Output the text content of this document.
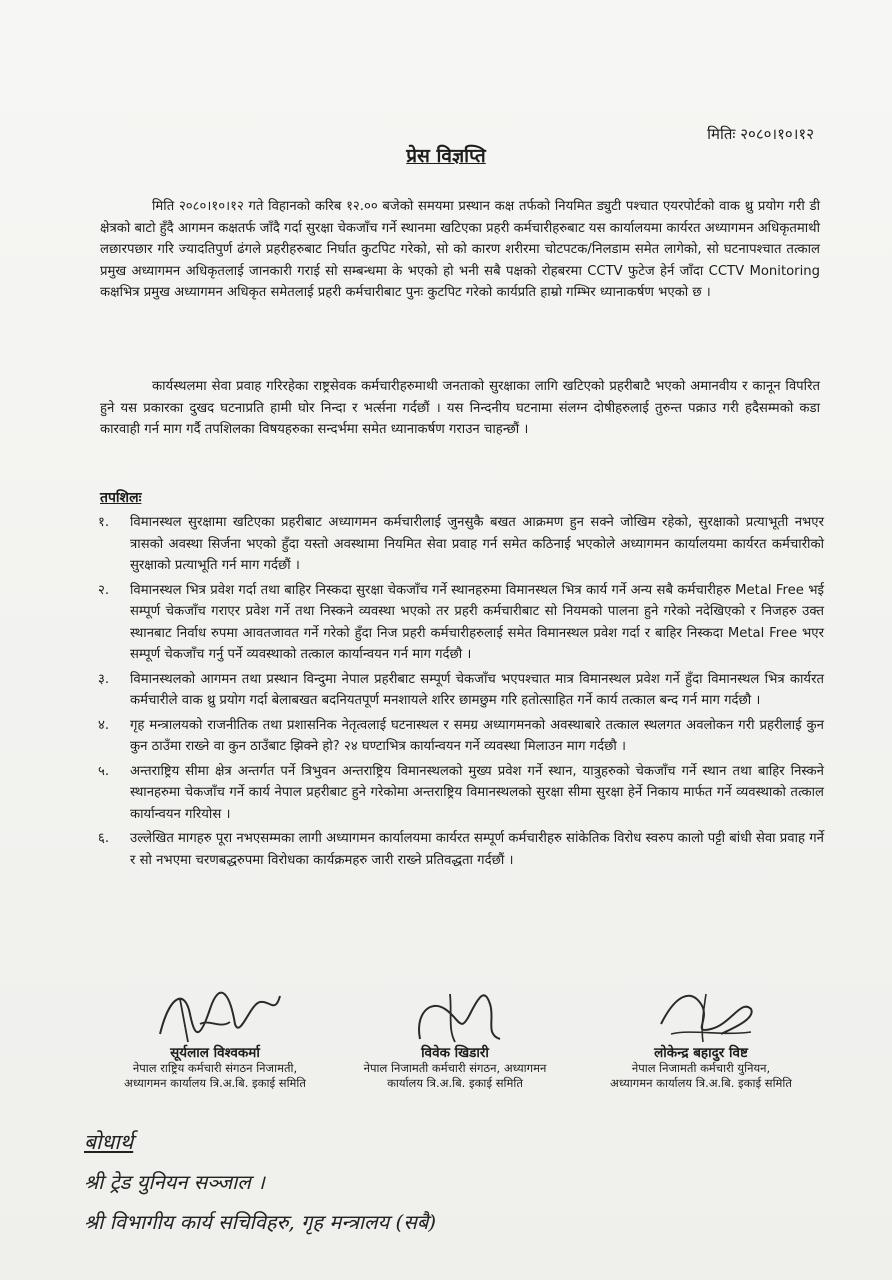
मितिः २०८०।१०।१२
प्रेस विज्ञप्ति
मिति २०८०।१०।१२ गते विहानको करिब १२.०० बजेको समयमा प्रस्थान कक्ष तर्फको नियमित ड्युटी पश्चात एयरपोर्टको वाक थ्रु प्रयोग गरी डी क्षेत्रको बाटो हुँदै आगमन कक्षतर्फ जाँदै गर्दा सुरक्षा चेकजाँच गर्ने स्थानमा खटिएका प्रहरी कर्मचारीहरुबाट यस कार्यालयमा कार्यरत अध्यागमन अधिकृतमाथी लछारपछार गरि ज्यादतिपुर्ण ढंगले प्रहरीहरुबाट निर्घात कुटपिट गरेको, सो को कारण शरीरमा चोटपटक/निलडाम समेत लागेको, सो घटनापश्चात तत्काल प्रमुख अध्यागमन अधिकृतलाई जानकारी गराई सो सम्बन्धमा के भएको हो भनी सबै पक्षको रोहबरमा CCTV फुटेज हेर्न जाँदा CCTV Monitoring कक्षभित्र प्रमुख अध्यागमन अधिकृत समेतलाई प्रहरी कर्मचारीबाट पुनः कुटपिट गरेको कार्यप्रति हाम्रो गम्भिर ध्यानाकर्षण भएको छ ।
कार्यस्थलमा सेवा प्रवाह गरिरहेका राष्ट्रसेवक कर्मचारीहरुमाथी जनताको सुरक्षाका लागि खटिएको प्रहरीबाटै भएको अमानवीय र कानून विपरित हुने यस प्रकारका दुखद घटनाप्रति हामी घोर निन्दा र भर्त्सना गर्दछौं । यस निन्दनीय घटनामा संलग्न दोषीहरुलाई तुरुन्त पक्राउ गरी हदैसम्मको कडा कारवाही गर्न माग गर्दै तपशिलका विषयहरुका सन्दर्भमा समेत ध्यानाकर्षण गराउन चाहन्छौं ।
तपशिलः
१. विमानस्थल सुरक्षामा खटिएका प्रहरीबाट अध्यागमन कर्मचारीलाई जुनसुकै बखत आक्रमण हुन सक्ने जोखिम रहेको, सुरक्षाको प्रत्याभूती नभएर त्रासको अवस्था सिर्जना भएको हुँदा यस्तो अवस्थामा नियमित सेवा प्रवाह गर्न समेत कठिनाई भएकोले अध्यागमन कार्यालयमा कार्यरत कर्मचारीको सुरक्षाको प्रत्याभूति गर्न माग गर्दछौं ।
२. विमानस्थल भित्र प्रवेश गर्दा तथा बाहिर निस्कदा सुरक्षा चेकजाँच गर्ने स्थानहरुमा विमानस्थल भित्र कार्य गर्ने अन्य सबै कर्मचारीहरु Metal Free भई सम्पूर्ण चेकजाँच गराएर प्रवेश गर्ने तथा निस्कने व्यवस्था भएको तर प्रहरी कर्मचारीबाट सो नियमको पालना हुने गरेको नदेखिएको र निजहरु उक्त स्थानबाट निर्वाध रुपमा आवतजावत गर्ने गरेको हुँदा निज प्रहरी कर्मचारीहरुलाई समेत विमानस्थल प्रवेश गर्दा र बाहिर निस्कदा Metal Free भएर सम्पूर्ण चेकजाँच गर्नु पर्ने व्यवस्थाको तत्काल कार्यान्वयन गर्न माग गर्दछौ ।
३. विमानस्थलको आगमन तथा प्रस्थान विन्दुमा नेपाल प्रहरीबाट सम्पूर्ण चेकजाँच भएपश्चात मात्र विमानस्थल प्रवेश गर्ने हुँदा विमानस्थल भित्र कार्यरत कर्मचारीले वाक थ्रु प्रयोग गर्दा बेलाबखत बदनियतपूर्ण मनशायले शरिर छामछुम गरि हतोत्साहित गर्ने कार्य तत्काल बन्द गर्न माग गर्दछौ ।
४. गृह मन्त्रालयको राजनीतिक तथा प्रशासनिक नेतृत्वलाई घटनास्थल र समग्र अध्यागमनको अवस्थाबारे तत्काल स्थलगत अवलोकन गरी प्रहरीलाई कुन कुन ठाउँमा राख्ने वा कुन ठाउँबाट झिक्ने हो? २४ घण्टाभित्र कार्यान्वयन गर्ने व्यवस्था मिलाउन माग गर्दछौ ।
५. अन्तराष्ट्रिय सीमा क्षेत्र अन्तर्गत पर्ने त्रिभुवन अन्तराष्ट्रिय विमानस्थलको मुख्य प्रवेश गर्ने स्थान, यात्रुहरुको चेकजाँच गर्ने स्थान तथा बाहिर निस्कने स्थानहरुमा चेकजाँच गर्ने कार्य नेपाल प्रहरीबाट हुने गरेकोमा अन्तराष्ट्रिय विमानस्थलको सुरक्षा सीमा सुरक्षा हेर्ने निकाय मार्फत गर्ने व्यवस्थाको तत्काल कार्यान्वयन गरियोस ।
६. उल्लेखित मागहरु पूरा नभएसम्मका लागी अध्यागमन कार्यालयमा कार्यरत सम्पूर्ण कर्मचारीहरु सांकेतिक विरोध स्वरुप कालो पट्टी बांधी सेवा प्रवाह गर्ने र सो नभएमा चरणबद्धरुपमा विरोधका कार्यक्रमहरु जारी राख्ने प्रतिवद्धता गर्दछौं ।
सूर्यलाल विश्वकर्मा
नेपाल राष्ट्रिय कर्मचारी संगठन निजामती,
अध्यागमन कार्यालय त्रि.अ.बि. इकाई समिति
विवेक खिडारी
नेपाल निजामती कर्मचारी संगठन, अध्यागमन
कार्यालय त्रि.अ.बि. इकाई समिति
लोकेन्द्र बहादुर विष्ट
नेपाल निजामती कर्मचारी युनियन,
अध्यागमन कार्यालय त्रि.अ.बि. इकाई समिति
बोधार्थ
श्री ट्रेड युनियन सञ्जाल ।
श्री विभागीय कार्य सचिविहरु, गृह मन्त्रालय (सबै)
